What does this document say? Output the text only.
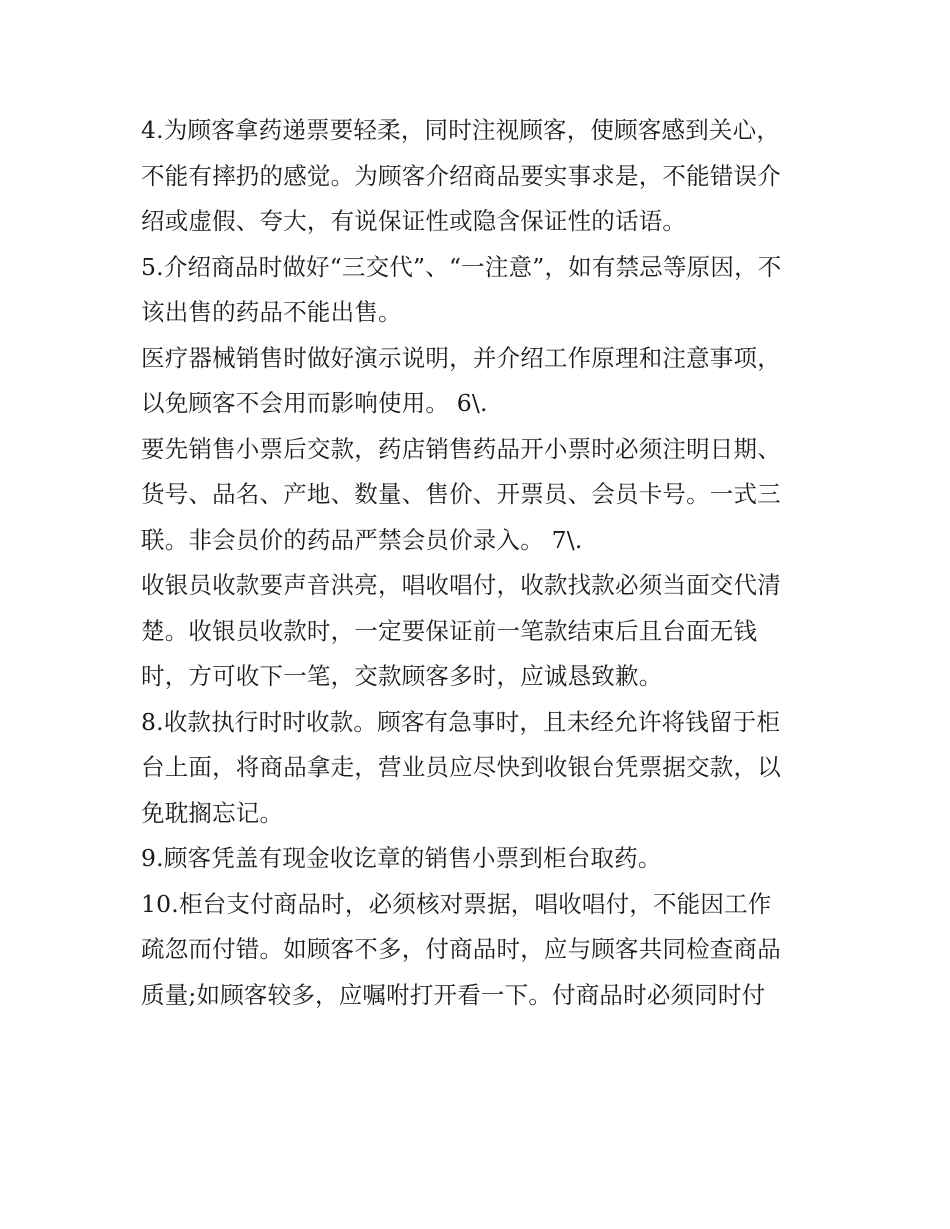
4.为顾客拿药递票要轻柔，同时注视顾客，使顾客感到关心，
不能有摔扔的感觉。为顾客介绍商品要实事求是，不能错误介
绍或虚假、夸大，有说保证性或隐含保证性的话语。
5.介绍商品时做好“三交代”、“一注意”，如有禁忌等原因，不
该出售的药品不能出售。
医疗器械销售时做好演示说明，并介绍工作原理和注意事项，
以免顾客不会用而影响使用。 6\.
要先销售小票后交款，药店销售药品开小票时必须注明日期、
货号、品名、产地、数量、售价、开票员、会员卡号。一式三
联。非会员价的药品严禁会员价录入。 7\.
收银员收款要声音洪亮，唱收唱付，收款找款必须当面交代清
楚。收银员收款时，一定要保证前一笔款结束后且台面无钱
时，方可收下一笔，交款顾客多时，应诚恳致歉。
8.收款执行时时收款。顾客有急事时，且未经允许将钱留于柜
台上面，将商品拿走，营业员应尽快到收银台凭票据交款，以
免耽搁忘记。
9.顾客凭盖有现金收讫章的销售小票到柜台取药。
10.柜台支付商品时，必须核对票据，唱收唱付，不能因工作
疏忽而付错。如顾客不多，付商品时，应与顾客共同检查商品
质量;如顾客较多，应嘱咐打开看一下。付商品时必须同时付
